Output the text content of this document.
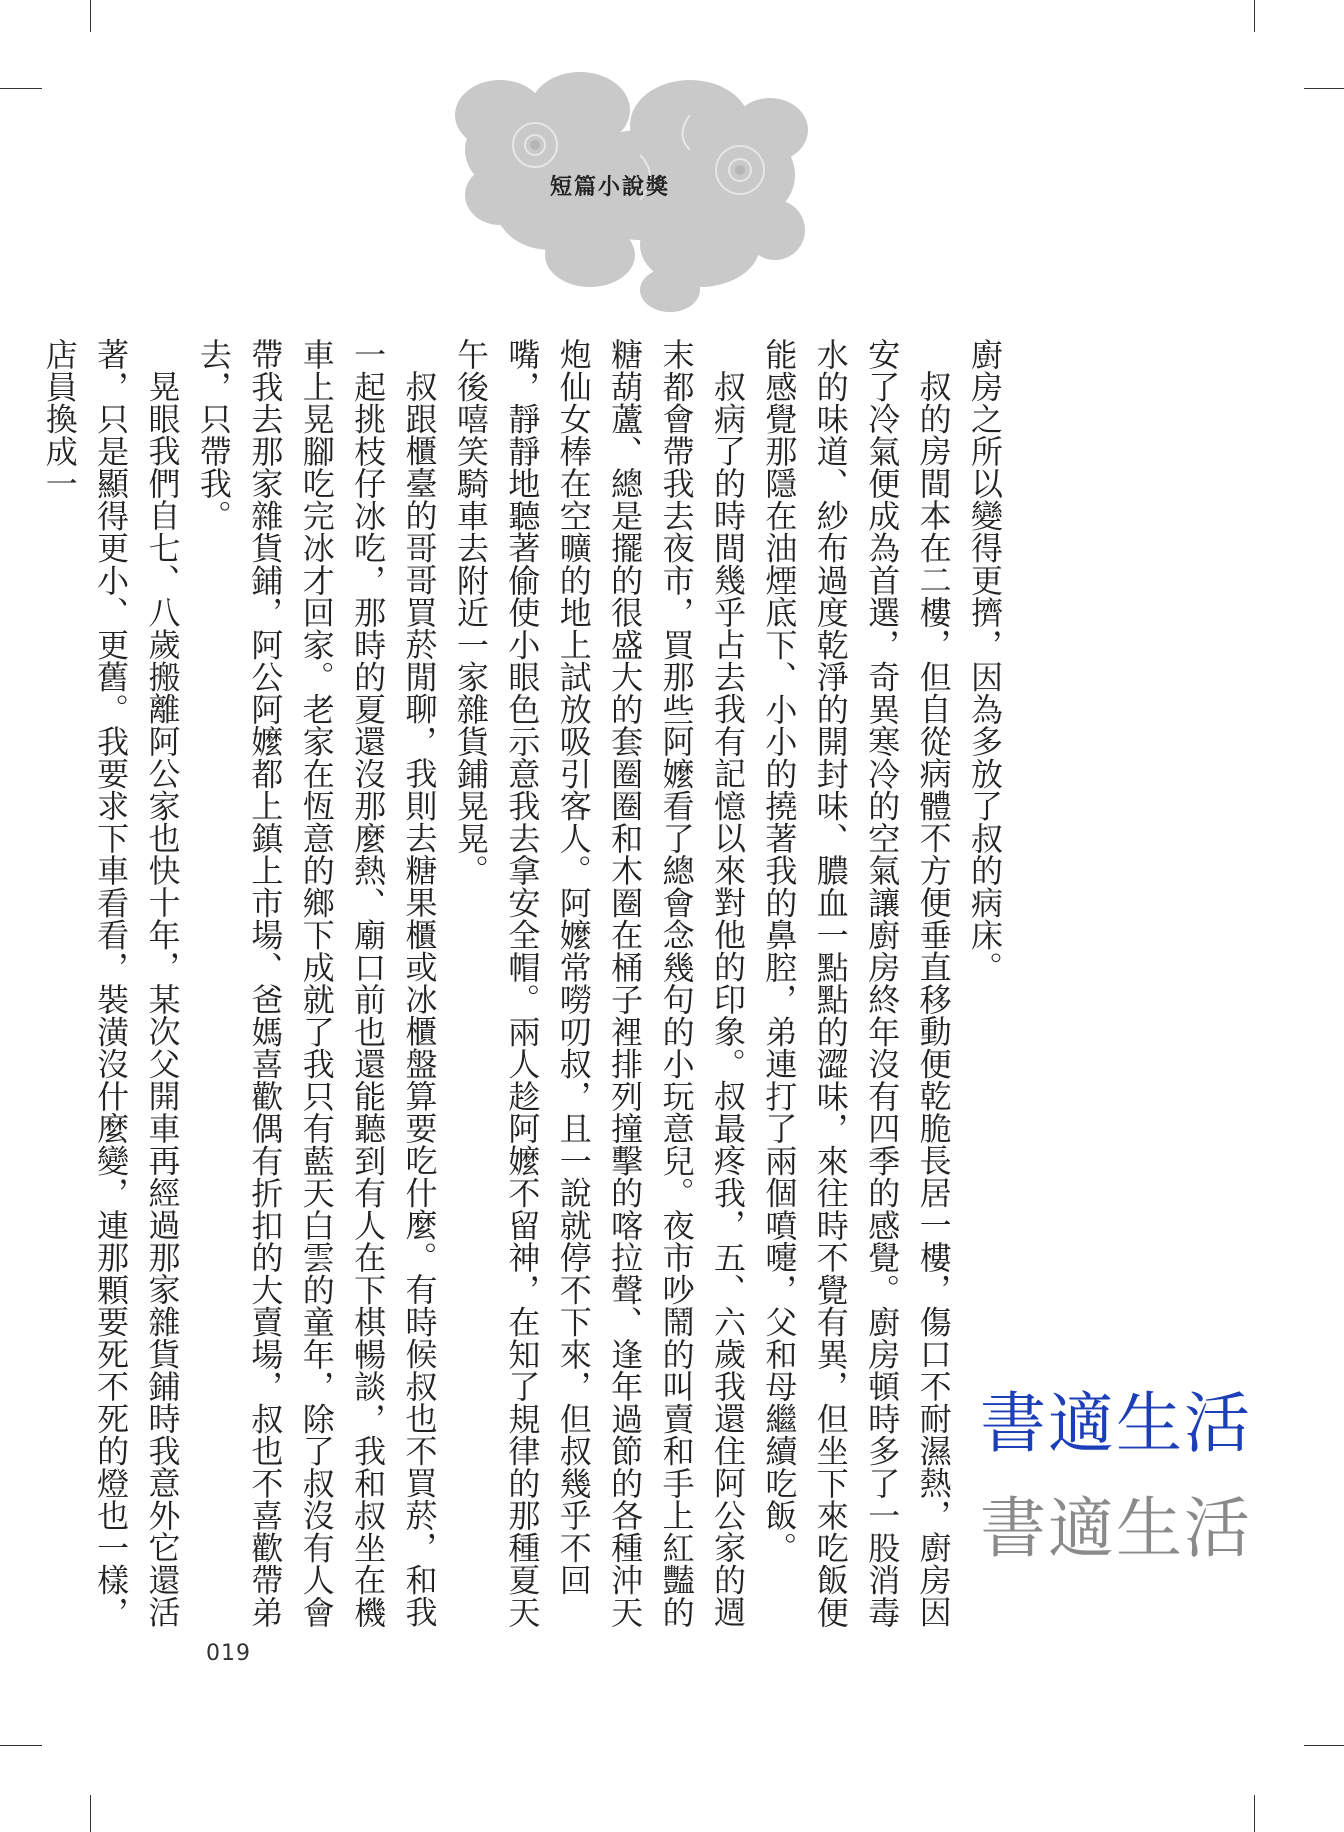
短篇小說獎

廚房之所以變得更擠，因為多放了叔的病床。

叔的房間本在二樓，但自從病體不方便垂直移動便乾脆長居一樓，傷口不耐濕熱，廚房因安了冷氣便成為首選，奇異寒冷的空氣讓廚房終年沒有四季的感覺。廚房頓時多了一股消毒水的味道、紗布過度乾淨的開封味、膿血一點點的澀味，來往時不覺有異，但坐下來吃飯便能感覺那隱在油煙底下、小小的撓著我的鼻腔，弟連打了兩個噴嚏，父和母繼續吃飯。

叔病了的時間幾乎占去我有記憶以來對他的印象。叔最疼我，五、六歲我還住阿公家的週末都會帶我去夜市，買那些阿嬤看了總會念幾句的小玩意兒。夜市吵鬧的叫賣和手上紅豔的糖葫蘆、總是擺的很盛大的套圈圈和木圈在桶子裡排列撞擊的喀拉聲、逢年過節的各種沖天炮仙女棒在空曠的地上試放吸引客人。阿嬤常嘮叨叔，且一說就停不下來，但叔幾乎不回嘴，靜靜地聽著偷使小眼色示意我去拿安全帽。兩人趁阿嬤不留神，在知了規律的那種夏天午後嘻笑騎車去附近一家雜貨鋪晃晃。

叔跟櫃臺的哥哥買菸閒聊，我則去糖果櫃或冰櫃盤算要吃什麼。有時候叔也不買菸，和我一起挑枝仔冰吃，那時的夏還沒那麼熱、廟口前也還能聽到有人在下棋暢談，我和叔坐在機車上晃腳吃完冰才回家。老家在恆意的鄉下成就了我只有藍天白雲的童年，除了叔沒有人會帶我去那家雜貨鋪，阿公阿嬤都上鎮上市場、爸媽喜歡偶有折扣的大賣場，叔也不喜歡帶弟去，只帶我。

晃眼我們自七、八歲搬離阿公家也快十年，某次父開車再經過那家雜貨鋪時我意外它還活著，只是顯得更小、更舊。我要求下車看看，裝潢沒什麼變，連那顆要死不死的燈也一樣，店員換成一

019
書適生活
書適生活
